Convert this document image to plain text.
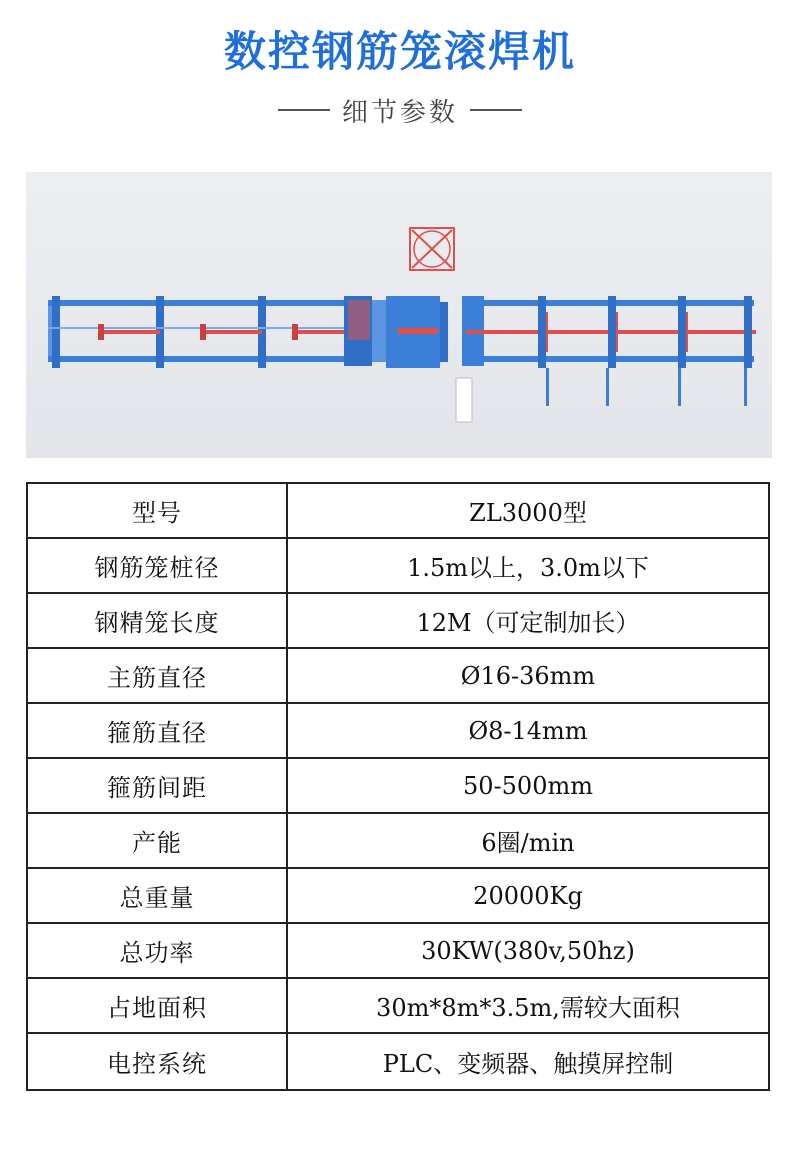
数控钢筋笼滚焊机
细节参数
型号	ZL3000型
钢筋笼桩径	1.5m以上，3.0m以下
钢精笼长度	12M（可定制加长）
主筋直径	Ø16-36mm
箍筋直径	Ø8-14mm
箍筋间距	50-500mm
产能	6圈/min
总重量	20000Kg
总功率	30KW(380v,50hz)
占地面积	30m*8m*3.5m,需较大面积
电控系统	PLC、变频器、触摸屏控制
